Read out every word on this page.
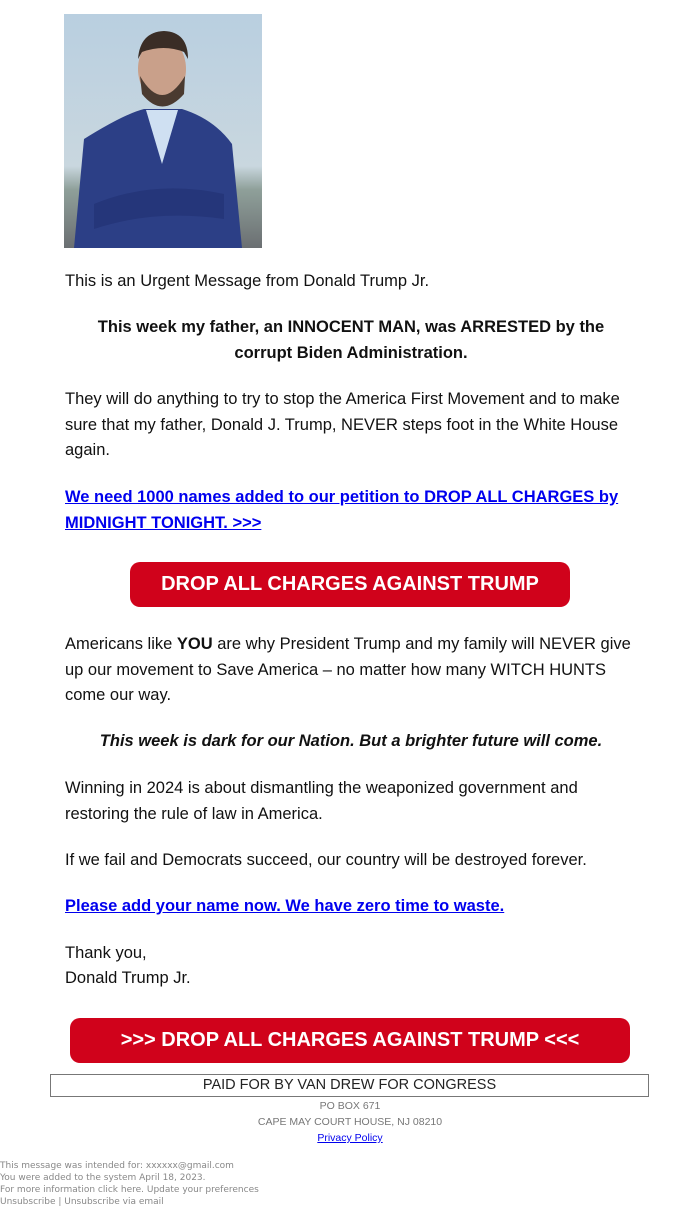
This is an Urgent Message from Donald Trump Jr.
This week my father, an INNOCENT MAN, was ARRESTED by the corrupt Biden Administration.
They will do anything to try to stop the America First Movement and to make sure that my father, Donald J. Trump, NEVER steps foot in the White House again.
We need 1000 names added to our petition to DROP ALL CHARGES by MIDNIGHT TONIGHT. >>>
DROP ALL CHARGES AGAINST TRUMP
Americans like YOU are why President Trump and my family will NEVER give up our movement to Save America – no matter how many WITCH HUNTS come our way.
This week is dark for our Nation. But a brighter future will come.
Winning in 2024 is about dismantling the weaponized government and restoring the rule of law in America.
If we fail and Democrats succeed, our country will be destroyed forever.
Please add your name now. We have zero time to waste.
Thank you,
Donald Trump Jr.
>>> DROP ALL CHARGES AGAINST TRUMP <<<
PAID FOR BY VAN DREW FOR CONGRESS
PO BOX 671
CAPE MAY COURT HOUSE, NJ 08210
Privacy Policy
This message was intended for: xxxxxx@gmail.com
You were added to the system April 18, 2023.
For more information click here. Update your preferences
Unsubscribe | Unsubscribe via email
